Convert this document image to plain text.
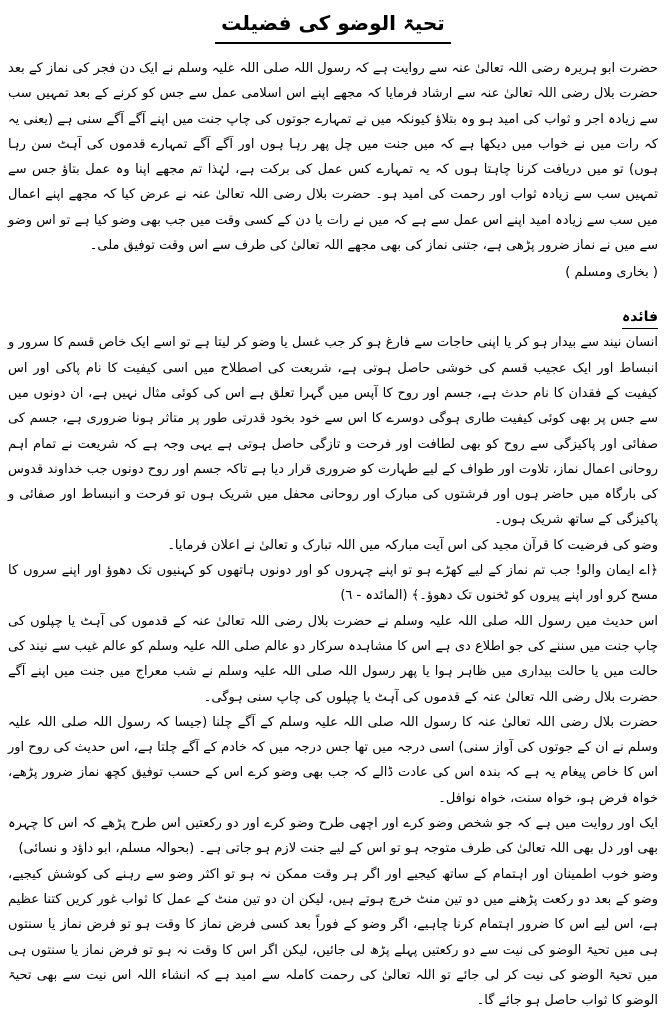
تحیۃ الوضو کی فضیلت

حضرت ابو ہریرہ رضی اللہ تعالیٰ عنہ سے روایت ہے کہ رسول اللہ صلی اللہ علیہ وسلم نے ایک دن فجر کی نماز کے بعد حضرت بلال رضی اللہ تعالیٰ عنہ سے ارشاد فرمایا کہ مجھے اپنے اس اسلامی عمل سے جس کو کرنے کے بعد تمہیں سب سے زیادہ اجر و ثواب کی امید ہو وہ بتلاؤ کیونکہ میں نے تمہارے جوتوں کی چاپ جنت میں اپنے آگے آگے سنی ہے (یعنی یہ کہ رات میں نے خواب میں دیکھا ہے کہ میں جنت میں چل پھر رہا ہوں اور آگے آگے تمہارے قدموں کی آہٹ سن رہا ہوں) تو میں دریافت کرنا چاہتا ہوں کہ یہ تمہارے کس عمل کی برکت ہے، لہٰذا تم مجھے اپنا وہ عمل بتاؤ جس سے تمہیں سب سے زیادہ ثواب اور رحمت کی امید ہو۔ حضرت بلال رضی اللہ تعالیٰ عنہ نے عرض کیا کہ مجھے اپنے اعمال میں سب سے زیادہ امید اپنے اس عمل سے ہے کہ میں نے رات یا دن کے کسی وقت میں جب بھی وضو کیا ہے تو اس وضو سے میں نے نماز ضرور پڑھی ہے، جتنی نماز کی بھی مجھے اللہ تعالیٰ کی طرف سے اس وقت توفیق ملی۔

( بخاری ومسلم )
فائدہ

انسان نیند سے بیدار ہو کر یا اپنی حاجات سے فارغ ہو کر جب غسل یا وضو کر لیتا ہے تو اسے ایک خاص قسم کا سرور و انبساط اور ایک عجیب قسم کی خوشی حاصل ہوتی ہے، شریعت کی اصطلاح میں اسی کیفیت کا نام پاکی اور اس کیفیت کے فقدان کا نام حدث ہے، جسم اور روح کا آپس میں گہرا تعلق ہے اس کی کوئی مثال نہیں ہے، ان دونوں میں سے جس پر بھی کوئی کیفیت طاری ہوگی دوسرے کا اس سے خود بخود قدرتی طور پر متاثر ہونا ضروری ہے، جسم کی صفائی اور پاکیزگی سے روح کو بھی لطافت اور فرحت و تازگی حاصل ہوتی ہے یہی وجہ ہے کہ شریعت نے تمام اہم روحانی اعمال نماز، تلاوت اور طواف کے لیے طہارت کو ضروری قرار دیا ہے تاکہ جسم اور روح دونوں جب خداوند قدوس کی بارگاہ میں حاضر ہوں اور فرشتوں کی مبارک اور روحانی محفل میں شریک ہوں تو فرحت و انبساط اور صفائی و پاکیزگی کے ساتھ شریک ہوں۔

وضو کی فرضیت کا قرآن مجید کی اس آیت مبارکہ میں اللہ تبارک و تعالیٰ نے اعلان فرمایا۔

﴿اے ایمان والو! جب تم نماز کے لیے کھڑے ہو تو اپنے چہروں کو اور دونوں ہاتھوں کو کہنیوں تک دھوؤ اور اپنے سروں کا مسح کرو اور اپنے پیروں کو ٹخنوں تک دھوؤ۔﴾ (المائدہ - ٦)

اس حدیث میں رسول اللہ صلی اللہ علیہ وسلم نے حضرت بلال رضی اللہ تعالیٰ عنہ کے قدموں کی آہٹ یا چپلوں کی چاپ جنت میں سننے کی جو اطلاع دی ہے اس کا مشاہدہ سرکار دو عالم صلی اللہ علیہ وسلم کو عالم غیب سے نیند کی حالت میں یا حالت بیداری میں ظاہر ہوا یا پھر رسول اللہ صلی اللہ علیہ وسلم نے شب معراج میں جنت میں اپنے آگے حضرت بلال رضی اللہ تعالیٰ عنہ کے قدموں کی آہٹ یا چپلوں کی چاپ سنی ہوگی۔

حضرت بلال رضی اللہ تعالیٰ عنہ کا رسول اللہ صلی اللہ علیہ وسلم کے آگے چلنا (جیسا کہ رسول اللہ صلی اللہ علیہ وسلم نے ان کے جوتوں کی آواز سنی) اسی درجہ میں تھا جس درجہ میں کہ خادم کے آگے چلتا ہے، اس حدیث کی روح اور اس کا خاص پیغام یہ ہے کہ بندہ اس کی عادت ڈالے کہ جب بھی وضو کرے اس کے حسب توفیق کچھ نماز ضرور پڑھے، خواہ فرض ہو، خواہ سنت، خواہ نوافل۔

ایک اور روایت میں ہے کہ جو شخص وضو کرے اور اچھی طرح وضو کرے اور دو رکعتیں اس طرح پڑھے کہ اس کا چہرہ بھی اور دل بھی اللہ تعالیٰ کی طرف متوجہ ہو تو اس کے لیے جنت لازم ہو جاتی ہے۔ (بحوالہ مسلم، ابو داؤد و نسائی)

وضو خوب اطمینان اور اہتمام کے ساتھ کیجیے اور اگر ہر وقت ممکن نہ ہو تو اکثر وضو سے رہنے کی کوشش کیجیے، وضو کے بعد دو رکعت پڑھنے میں دو تین منٹ خرچ ہوتے ہیں، لیکن ان دو تین منٹ کے عمل کا ثواب غور کریں کتنا عظیم ہے، اس لیے اس کا ضرور اہتمام کرنا چاہیے، اگر وضو کے فوراً بعد کسی فرض نماز کا وقت ہو تو فرض نماز یا سنتوں ہی میں تحیۃ الوضو کی نیت سے دو رکعتیں پہلے پڑھ لی جائیں، لیکن اگر اس کا وقت نہ ہو تو فرض نماز یا سنتوں ہی میں تحیۃ الوضو کی نیت کر لی جائے تو اللہ تعالیٰ کی رحمت کاملہ سے امید ہے کہ انشاء اللہ اس نیت سے بھی تحیۃ الوضو کا ثواب حاصل ہو جائے گا۔
